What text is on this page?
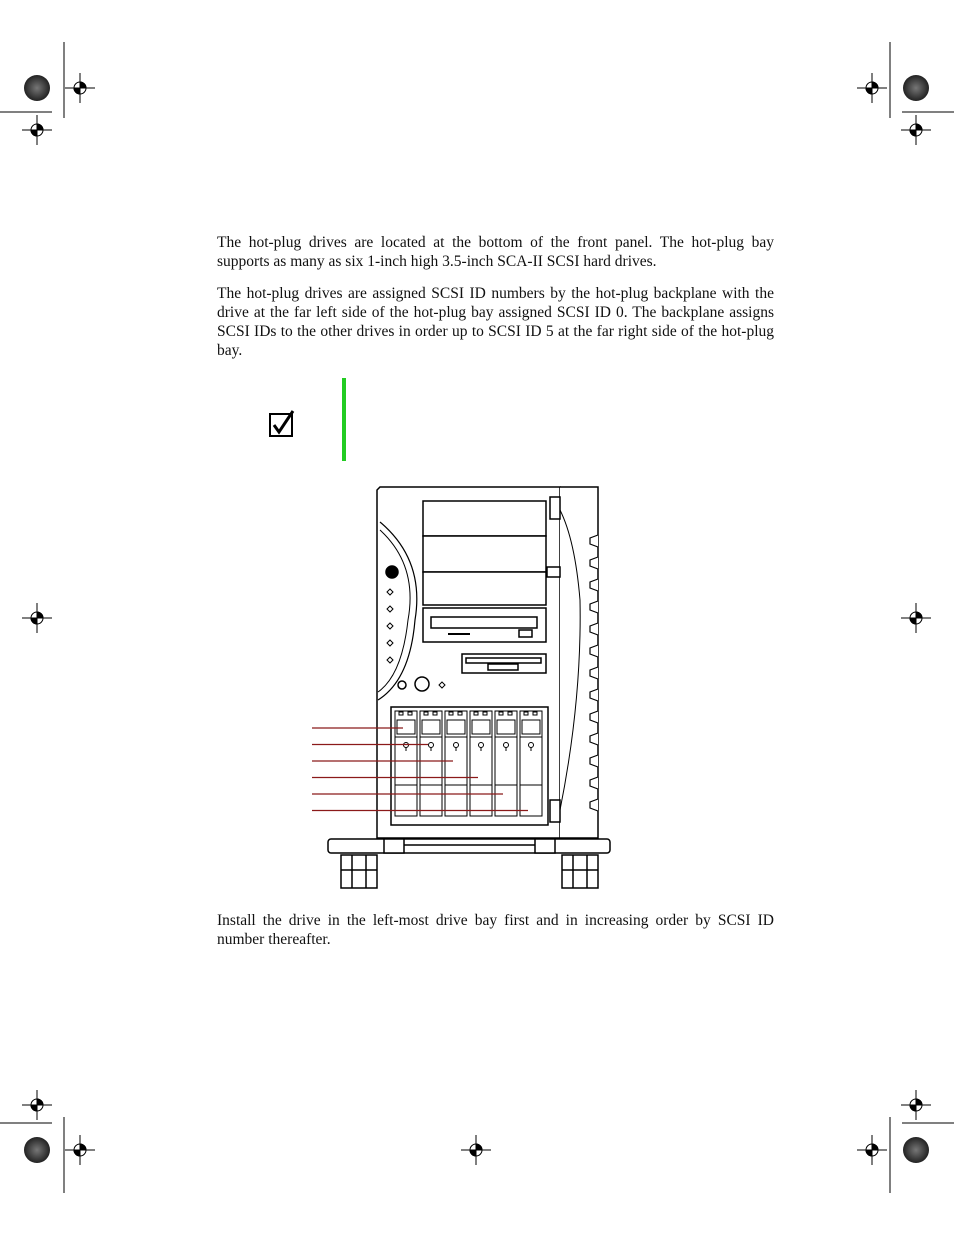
The hot-plug drives are located at the bottom of the front panel. The hot-plug bay supports as many as six 1-inch high 3.5-inch SCA-II SCSI hard drives.

The hot-plug drives are assigned SCSI ID numbers by the hot-plug backplane with the drive at the far left side of the hot-plug bay assigned SCSI ID 0. The backplane assigns SCSI IDs to the other drives in order up to SCSI ID 5 at the far right side of the hot-plug bay.

Install the drive in the left-most drive bay first and in increasing order by SCSI ID number thereafter.
